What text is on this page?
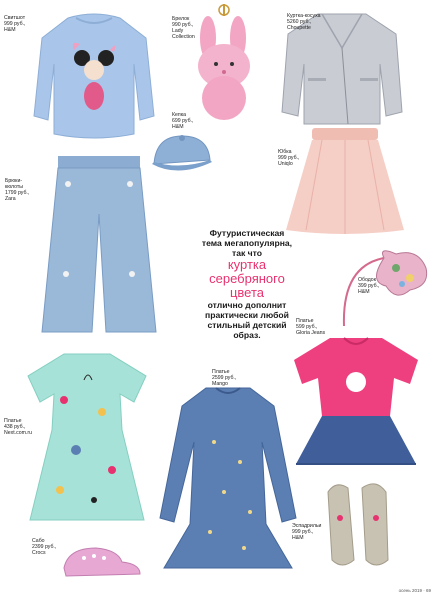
Свитшот
999 руб.,
H&M
Брелок
990 руб.,
Lady
Collection
Куртка-косуха
5260 руб.,
Choupette
Кепка
699 руб.,
H&M
Юбка
999 руб.,
Uniqlo
Брюки-
кюлоты
1799 руб.,
Zara
Футуристическая
тема мегапопулярна,
так что
куртка
серебряного
цвета
отлично дополнит
практически любой
стильный детский
образ.
Ободок
399 руб.,
H&M
Платье
599 руб.,
Gloria Jeans
Платье
438 руб.,
Next.com.ru
Платье
2599 руб.,
Mango
Эспадрильи
999 руб.,
H&M
Сабо
2399 руб.,
Crocs
осень 2019 · 69
